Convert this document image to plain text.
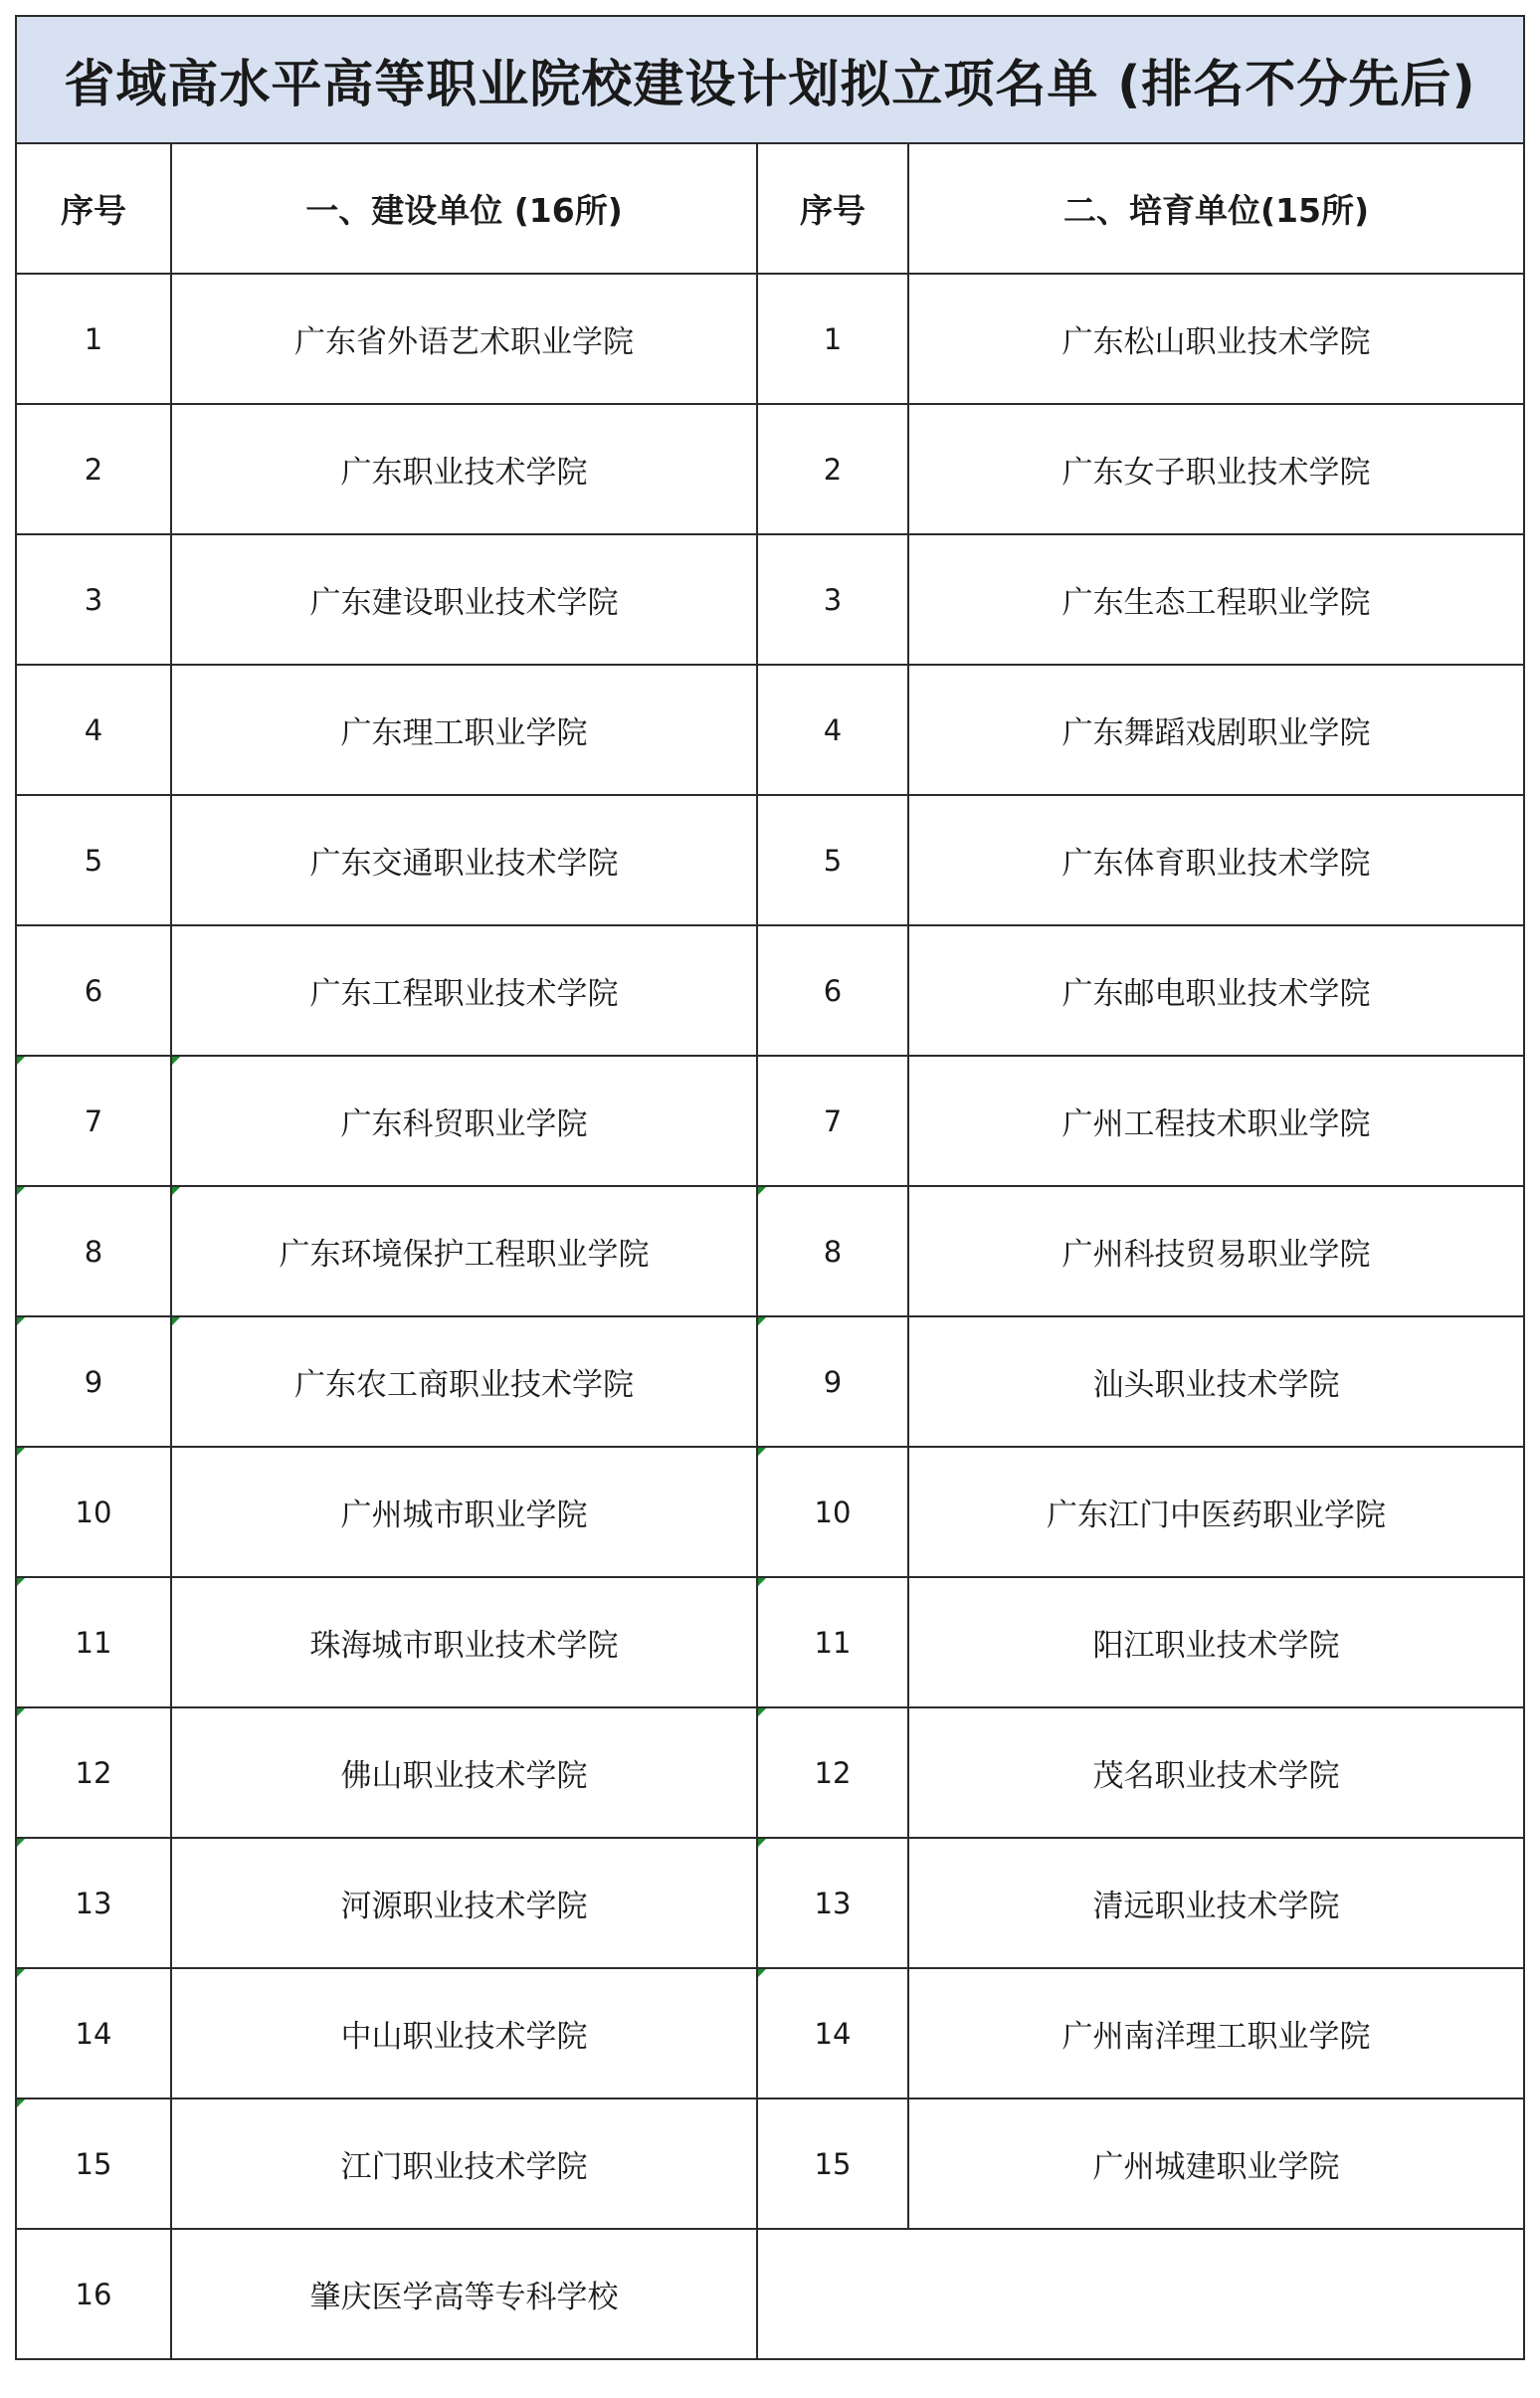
省域高水平高等职业院校建设计划拟立项名单 (排名不分先后)			
序号	一、建设单位 (16所)	序号	二、培育单位(15所)
1	广东省外语艺术职业学院	1	广东松山职业技术学院
2	广东职业技术学院	2	广东女子职业技术学院
3	广东建设职业技术学院	3	广东生态工程职业学院
4	广东理工职业学院	4	广东舞蹈戏剧职业学院
5	广东交通职业技术学院	5	广东体育职业技术学院
6	广东工程职业技术学院	6	广东邮电职业技术学院
7	广东科贸职业学院	7	广州工程技术职业学院
8	广东环境保护工程职业学院	8	广州科技贸易职业学院
9	广东农工商职业技术学院	9	汕头职业技术学院
10	广州城市职业学院	10	广东江门中医药职业学院
11	珠海城市职业技术学院	11	阳江职业技术学院
12	佛山职业技术学院	12	茂名职业技术学院
13	河源职业技术学院	13	清远职业技术学院
14	中山职业技术学院	14	广州南洋理工职业学院
15	江门职业技术学院	15	广州城建职业学院
16	肇庆医学高等专科学校		
